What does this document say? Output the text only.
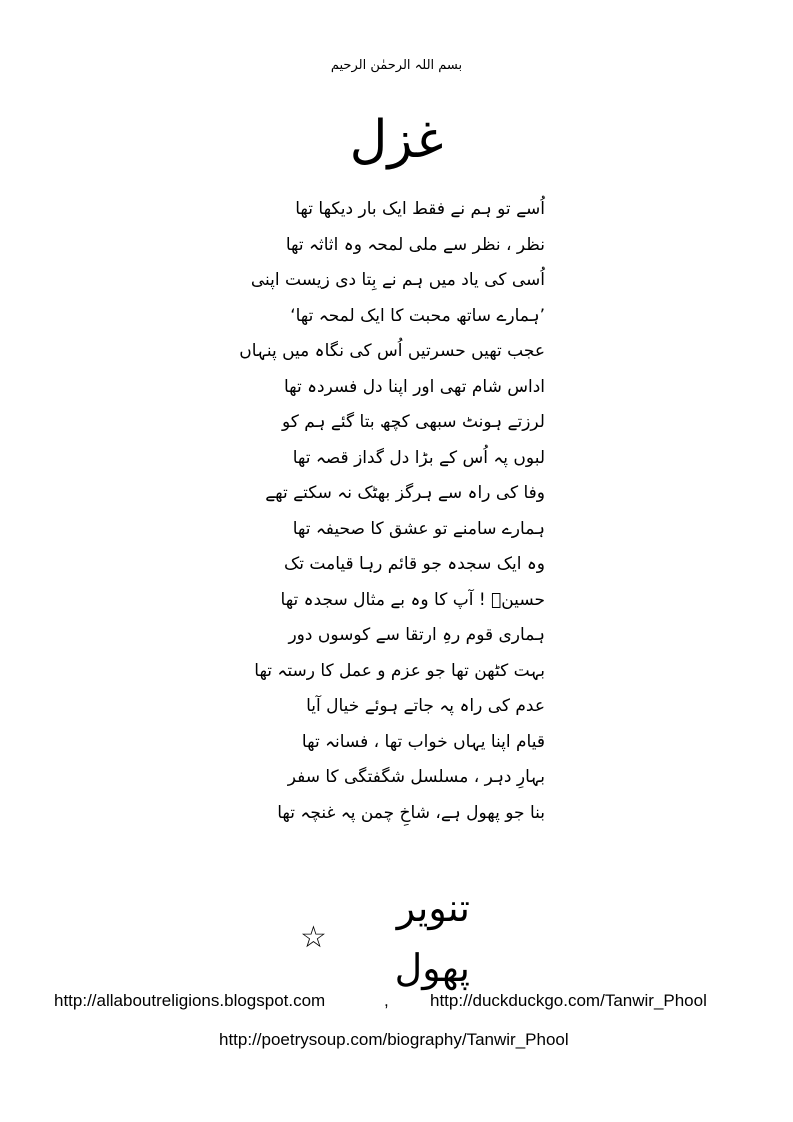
بسم اللہ الرحمٰن الرحیم
غزل
اُسے تو ہم نے فقط ایک بار دیکھا تھا
نظر ، نظر سے ملی لمحہ وہ اثاثہ تھا
اُسی کی یاد میں ہم نے بِتا دی زیست اپنی
’ہمارے ساتھ محبت کا ایک لمحہ تھا‘
عجب تھیں حسرتیں اُس کی نگاہ میں پنہاں
اداس شام تھی اور اپنا دل فسردہ تھا
لرزتے ہونٹ سبھی کچھ بتا گئے ہم کو
لبوں پہ اُس کے بڑا دل گداز قصہ تھا
وفا کی راہ سے ہرگز بھٹک نہ سکتے تھے
ہمارے سامنے تو عشق کا صحیفہ تھا
وہ ایک سجدہ جو قائم رہا قیامت تک
حسینؓ ! آپ کا وہ بے مثال سجدہ تھا
ہماری قوم رہِ ارتقا سے کوسوں دور
بہت کٹھن تھا جو عزم و عمل کا رستہ تھا
عدم کی راہ پہ جاتے ہوئے خیال آیا
قیام اپنا یہاں خواب تھا ، فسانہ تھا
بہارِ دہر ، مسلسل شگفتگی کا سفر
بنا جو پھول ہے، شاخِ چمن پہ غنچہ تھا
تنویر پھول
☆
http://allaboutreligions.blogspot.com	, http://duckduckgo.com/Tanwir_Phool
http://poetrysoup.com/biography/Tanwir_Phool
